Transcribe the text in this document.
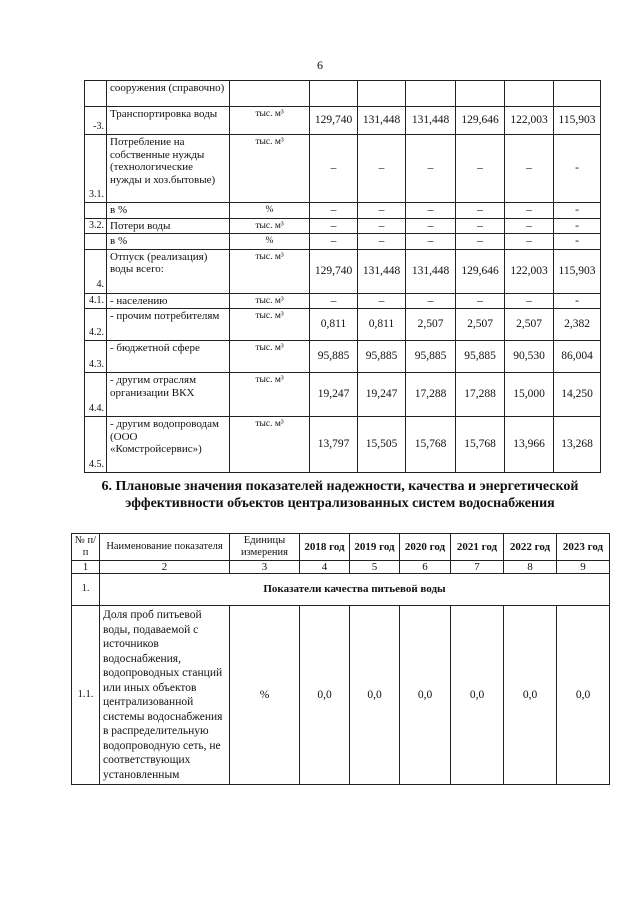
6
	сооружения (справочно)							
-3.	Транспортировка воды	тыс. м³	129,740	131,448	131,448	129,646	122,003	115,903
3.1.	Потребление на собственные нужды (технологические нужды и хоз.бытовые)	тыс. м³	–	–	–	–	–	-
	в %	%	–	–	–	–	–	-
3.2.	Потери воды	тыс. м³	–	–	–	–	–	-
	в %	%	–	–	–	–	–	-
4.	Отпуск (реализация) воды всего:	тыс. м³	129,740	131,448	131,448	129,646	122,003	115,903
4.1.	- населению	тыс. м³	–	–	–	–	–	-
4.2.	- прочим потребителям	тыс. м³	0,811	0,811	2,507	2,507	2,507	2,382
4.3.	- бюджетной сфере	тыс. м³	95,885	95,885	95,885	95,885	90,530	86,004
4.4.	- другим отраслям организации ВКХ	тыс. м³	19,247	19,247	17,288	17,288	15,000	14,250
4.5.	- другим водопроводам (ООО «Комстройсервис»)	тыс. м³	13,797	15,505	15,768	15,768	13,966	13,268
6. Плановые значения показателей надежности, качества и энергетической эффективности объектов централизованных систем водоснабжения
№ п/п	Наименование показателя	Единицы измерения	2018 год	2019 год	2020 год	2021 год	2022 год	2023 год
1	2	3	4	5	6	7	8	9
1.	Показатели качества питьевой воды							
1.1.	Доля проб питьевой воды, подаваемой с источников водоснабжения, водопроводных станций или иных объектов централизованной системы водоснабжения в распределительную водопроводную сеть, не соответствующих установленным	%	0,0	0,0	0,0	0,0	0,0	0,0
